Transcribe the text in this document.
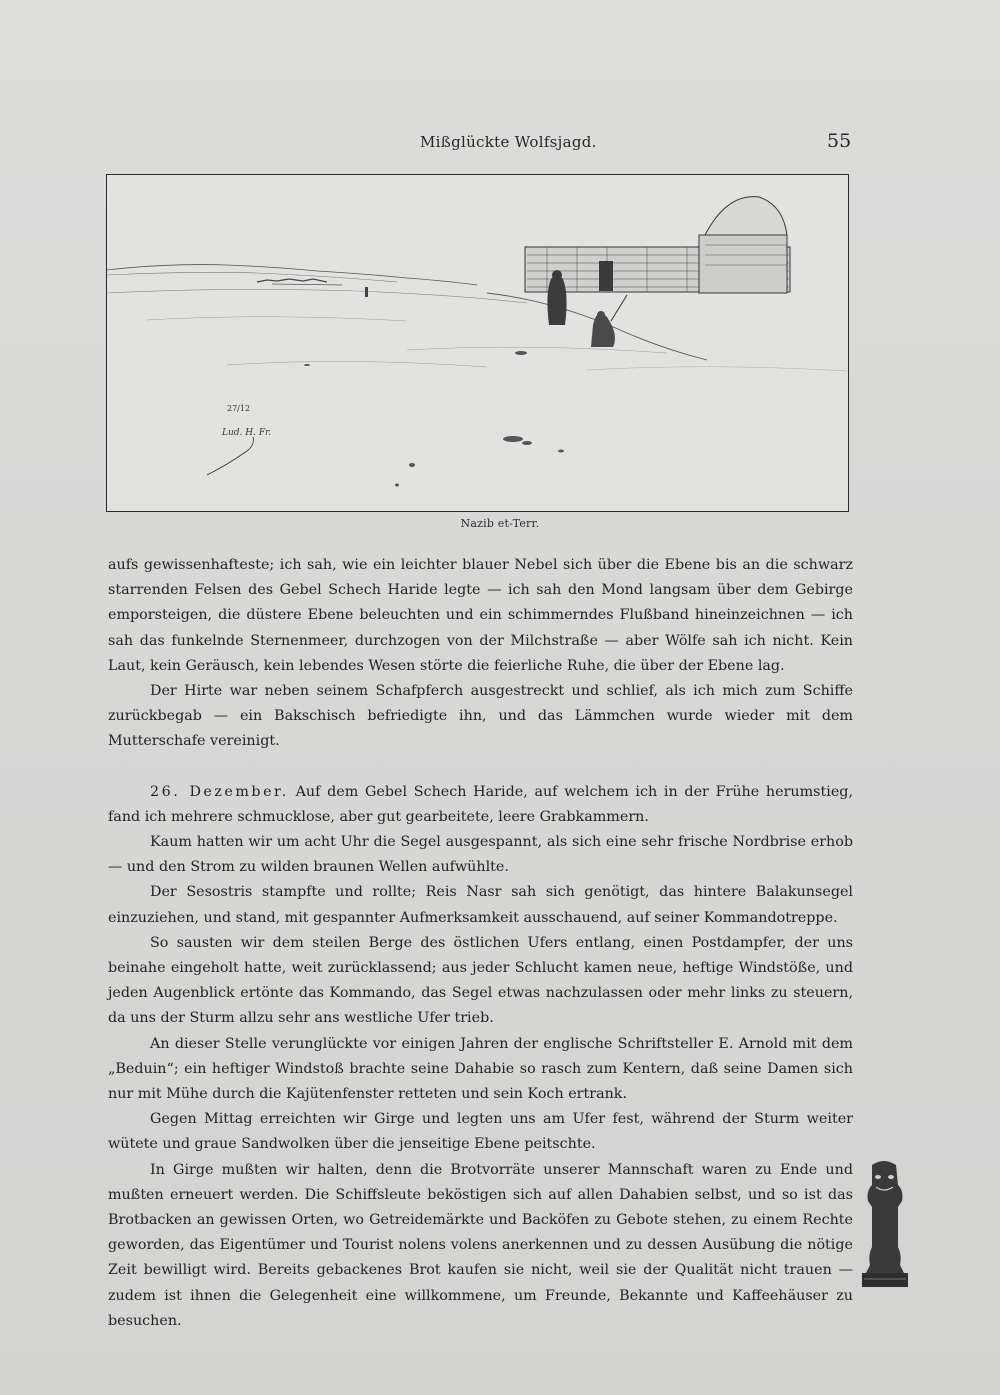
Mißglückte Wolfsjagd.	55
Lud. H. Fr.
27/12
Nazib et-Terr.

aufs gewissenhafteste; ich sah, wie ein leichter blauer Nebel sich über die Ebene bis an die schwarz starrenden Felsen des Gebel Schech Haride legte — ich sah den Mond langsam über dem Gebirge emporsteigen, die düstere Ebene beleuchten und ein schimmerndes Flußband hineinzeichnen — ich sah das funkelnde Sternenmeer, durchzogen von der Milchstraße — aber Wölfe sah ich nicht. Kein Laut, kein Geräusch, kein lebendes Wesen störte die feierliche Ruhe, die über der Ebene lag.

Der Hirte war neben seinem Schafpferch ausgestreckt und schlief, als ich mich zum Schiffe zurückbegab — ein Bakschisch befriedigte ihn, und das Lämmchen wurde wieder mit dem Mutterschafe vereinigt.

26. Dezember. Auf dem Gebel Schech Haride, auf welchem ich in der Frühe herumstieg, fand ich mehrere schmucklose, aber gut gearbeitete, leere Grabkammern.

Kaum hatten wir um acht Uhr die Segel ausgespannt, als sich eine sehr frische Nordbrise erhob — und den Strom zu wilden braunen Wellen aufwühlte.

Der Sesostris stampfte und rollte; Reis Nasr sah sich genötigt, das hintere Balakunsegel einzuziehen, und stand, mit gespannter Aufmerksamkeit ausschauend, auf seiner Kommandotreppe.

So sausten wir dem steilen Berge des östlichen Ufers entlang, einen Postdampfer, der uns beinahe eingeholt hatte, weit zurücklassend; aus jeder Schlucht kamen neue, heftige Windstöße, und jeden Augenblick ertönte das Kommando, das Segel etwas nachzulassen oder mehr links zu steuern, da uns der Sturm allzu sehr ans westliche Ufer trieb.

An dieser Stelle verunglückte vor einigen Jahren der englische Schriftsteller E. Arnold mit dem „Beduin“; ein heftiger Windstoß brachte seine Dahabie so rasch zum Kentern, daß seine Damen sich nur mit Mühe durch die Kajütenfenster retteten und sein Koch ertrank.

Gegen Mittag erreichten wir Girge und legten uns am Ufer fest, während der Sturm weiter wütete und graue Sandwolken über die jenseitige Ebene peitschte.

In Girge mußten wir halten, denn die Brotvorräte unserer Mannschaft waren zu Ende und mußten erneuert werden. Die Schiffsleute beköstigen sich auf allen Dahabien selbst, und so ist das Brotbacken an gewissen Orten, wo Getreidemärkte und Backöfen zu Gebote stehen, zu einem Rechte geworden, das Eigentümer und Tourist nolens volens anerkennen und zu dessen Ausübung die nötige Zeit bewilligt wird. Bereits gebackenes Brot kaufen sie nicht, weil sie der Qualität nicht trauen — zudem ist ihnen die Gelegenheit eine willkommene, um Freunde, Bekannte und Kaffeehäuser zu besuchen.
